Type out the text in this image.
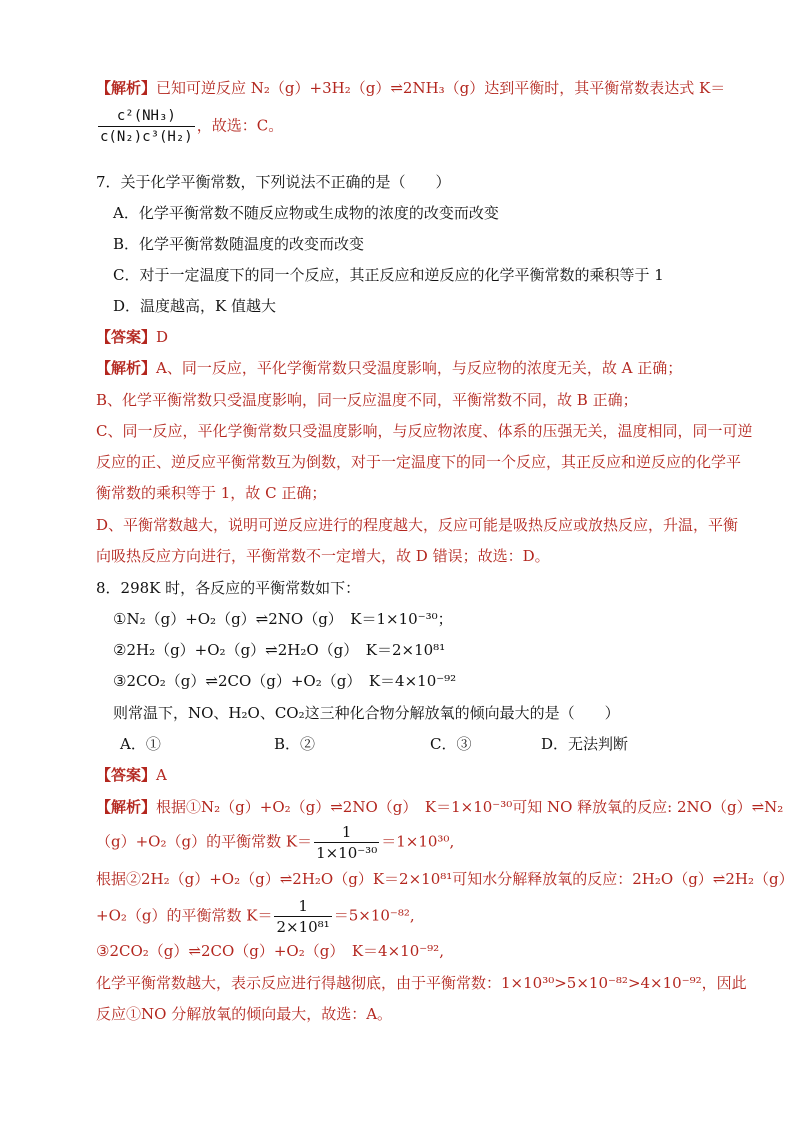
【解析】已知可逆反应 N₂（g）+3H₂（g）⇌2NH₃（g）达到平衡时，其平衡常数表达式 K＝
$\frac{\text{c²(NH₃)}}{\text{c(N₂)c³(H₂)}}$ ，故选：C。
7．关于化学平衡常数，下列说法不正确的是（　　）
A．化学平衡常数不随反应物或生成物的浓度的改变而改变
B．化学平衡常数随温度的改变而改变
C．对于一定温度下的同一个反应，其正反应和逆反应的化学平衡常数的乘积等于 1
D．温度越高，K 值越大
【答案】D
【解析】A、同一反应，平化学衡常数只受温度影响，与反应物的浓度无关，故 A 正确；
B、化学平衡常数只受温度影响，同一反应温度不同，平衡常数不同，故 B 正确；
C、同一反应，平化学衡常数只受温度影响，与反应物浓度、体系的压强无关，温度相同，同一可逆
反应的正、逆反应平衡常数互为倒数，对于一定温度下的同一个反应，其正反应和逆反应的化学平
衡常数的乘积等于 1，故 C 正确；
D、平衡常数越大，说明可逆反应进行的程度越大，反应可能是吸热反应或放热反应，升温，平衡
向吸热反应方向进行，平衡常数不一定增大，故 D 错误；故选：D。
8．298K 时，各反应的平衡常数如下：
①N₂（g）+O₂（g）⇌2NO（g）　K＝1×10⁻³⁰；
②2H₂（g）+O₂（g）⇌2H₂O（g）　K＝2×10⁸¹
③2CO₂（g）⇌2CO（g）+O₂（g）　K＝4×10⁻⁹²
则常温下，NO、H₂O、CO₂这三种化合物分解放氧的倾向最大的是（　　）
A．①	B．②	C．③	D．无法判断
【答案】A
【解析】根据①N₂（g）+O₂（g）⇌2NO（g）　K＝1×10⁻³⁰可知 NO 释放氧的反应: 2NO（g）⇌N₂
（g）+O₂（g）的平衡常数 $K= \frac{1}{\text{1×10⁻³⁰}} =1\times 10^{30}$,
根据②2H₂（g）+O₂（g）⇌2H₂O（g）K＝2×10⁸¹可知水分解释放氧的反应：2H₂O（g）⇌2H₂（g）
+O₂（g）的平衡常数 $K= \frac{1}{\text{2×10⁸¹}} =5\times 10^{-82}$,
③2CO₂（g）⇌2CO（g）+O₂（g）　K＝4×10⁻⁹²,
化学平衡常数越大，表示反应进行得越彻底，由于平衡常数：1×10³⁰>5×10⁻⁸²>4×10⁻⁹²，因此
反应①NO 分解放氧的倾向最大，故选：A。
